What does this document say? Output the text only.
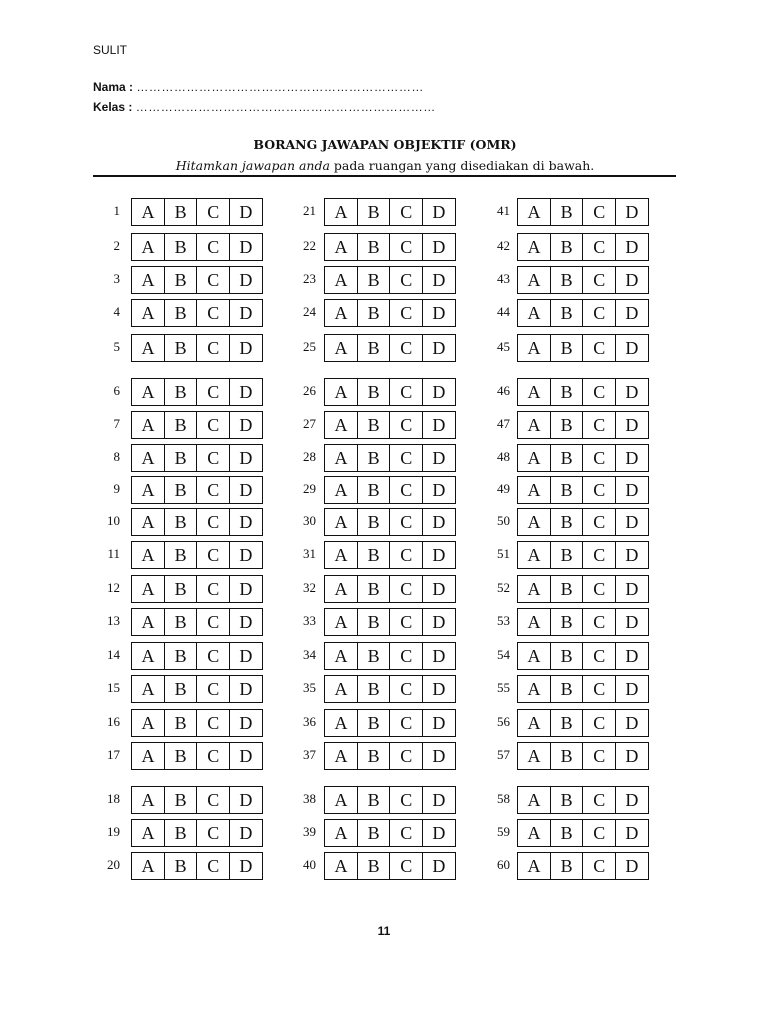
SULIT
Nama : ……………………………………………………………
Kelas : ………………………………………………………………
BORANG JAWAPAN OBJEKTIF (OMR)
Hitamkan jawapan anda pada ruangan yang disediakan di bawah.
1	A	B	C	D
2	A	B	C	D
3	A	B	C	D
4	A	B	C	D
5	A	B	C	D
6	A	B	C	D
7	A	B	C	D
8	A	B	C	D
9	A	B	C	D
10	A	B	C	D
11	A	B	C	D
12	A	B	C	D
13	A	B	C	D
14	A	B	C	D
15	A	B	C	D
16	A	B	C	D
17	A	B	C	D
18	A	B	C	D
19	A	B	C	D
20	A	B	C	D
21	A	B	C	D
22	A	B	C	D
23	A	B	C	D
24	A	B	C	D
25	A	B	C	D
26	A	B	C	D
27	A	B	C	D
28	A	B	C	D
29	A	B	C	D
30	A	B	C	D
31	A	B	C	D
32	A	B	C	D
33	A	B	C	D
34	A	B	C	D
35	A	B	C	D
36	A	B	C	D
37	A	B	C	D
38	A	B	C	D
39	A	B	C	D
40	A	B	C	D
41 A	B	C	D
42 A	B	C	D
43 A	B	C	D
44 A	B	C	D
45 A	B	C	D
46 A	B	C	D
47 A	B	C	D
48 A	B	C	D
49 A	B	C	D
50 A	B	C	D
51 A	B	C	D
52 A	B	C	D
53 A	B	C	D
54 A	B	C	D
55 A	B	C	D
56 A	B	C	D
57 A	B	C	D
58 A	B	C	D
59 A	B	C	D
60 A	B	C	D
11
